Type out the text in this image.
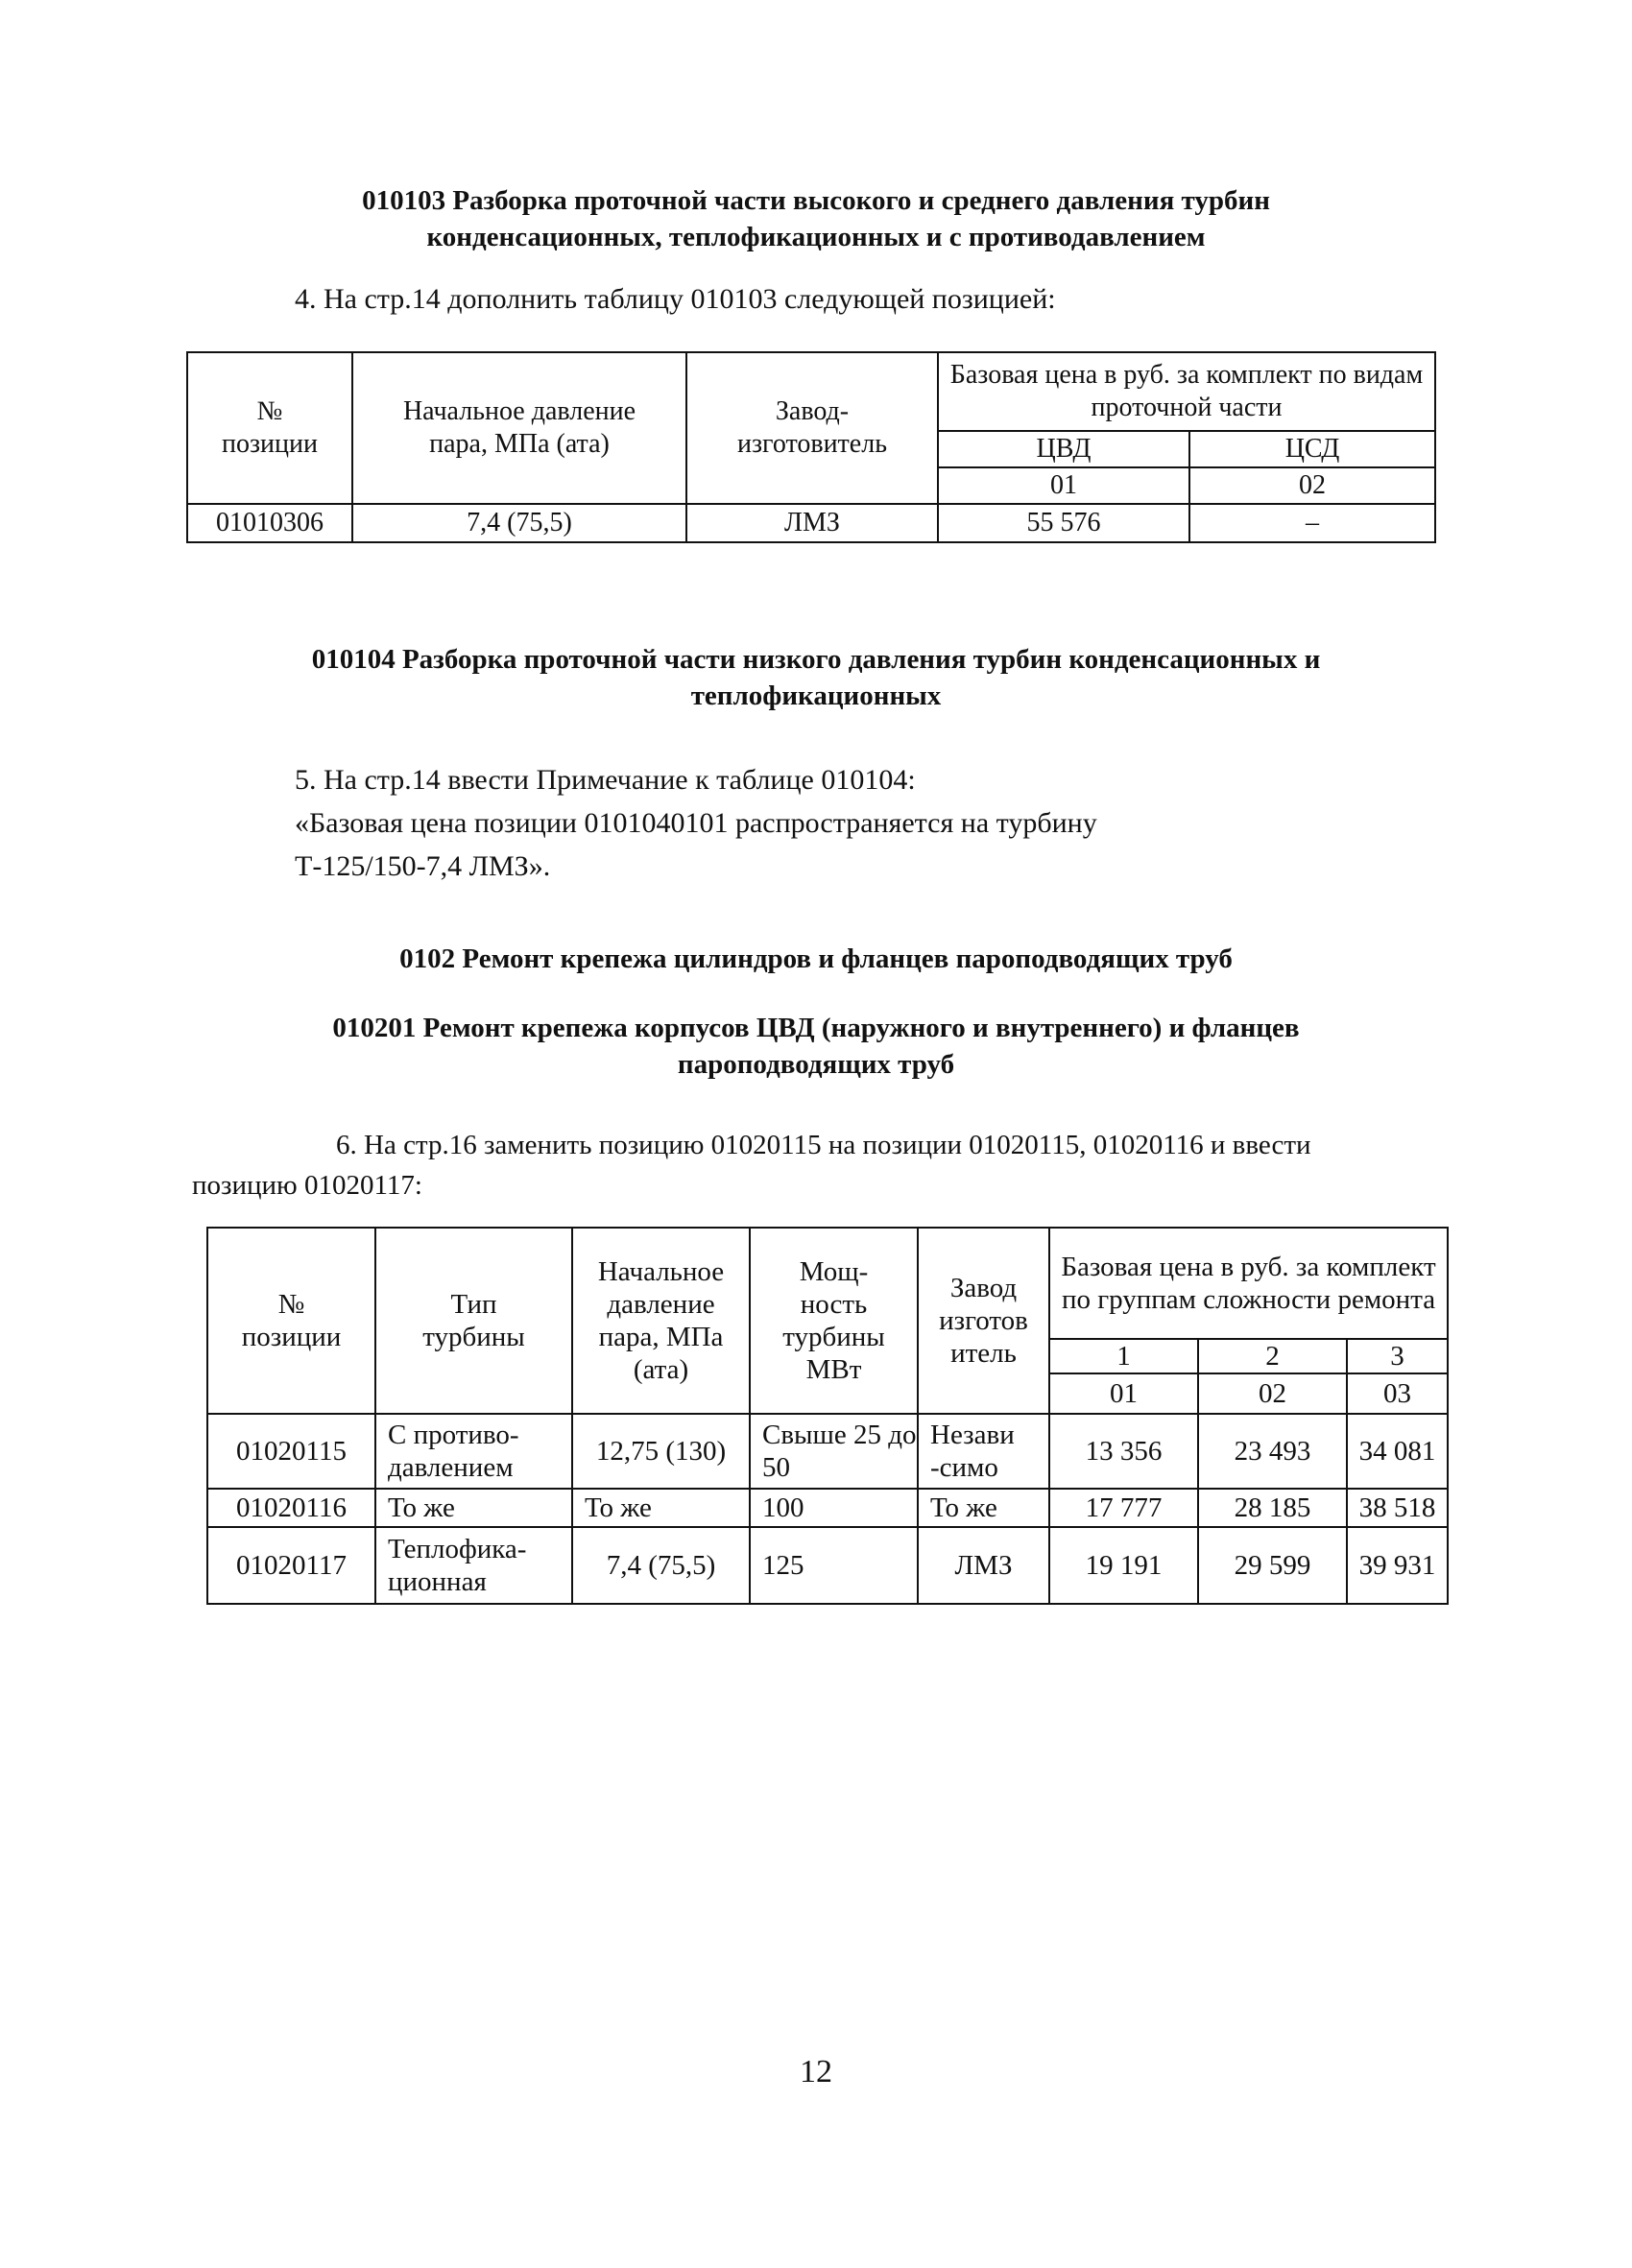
010103 Разборка проточной части высокого и среднего давления турбин
конденсационных, теплофикационных и с противодавлением
4. На стр.14 дополнить таблицу 010103 следующей позицией:
№ позиции	Начальное давление пара, МПа (ата)	Завод- изготовитель	Базовая цена в руб. за комплект по видам проточной части	
			ЦВД	ЦСД
			01	02
01010306	7,4 (75,5)	ЛМЗ	55 576	–
010104 Разборка проточной части низкого давления турбин конденсационных и
теплофикационных
5. На стр.14 ввести Примечание к таблице 010104:
«Базовая цена позиции 0101040101 распространяется на турбину
Т-125/150-7,4 ЛМЗ».
0102 Ремонт крепежа цилиндров и фланцев пароподводящих труб
010201 Ремонт крепежа корпусов ЦВД (наружного и внутреннего) и фланцев
пароподводящих труб
6. На стр.16 заменить позицию 01020115 на позиции 01020115, 01020116 и ввести
позицию 01020117:
№ позиции	Тип турбины	Начальное давление пара, МПа (ата)	Мощ- ность турбины МВт	Завод изготов итель	Базовая цена в руб. за комплект по группам сложности ремонта		
					1	2	3
					01	02	03
01020115	С противо- давлением	12,75 (130)	Свыше 25 до 50	Незави -симо	13 356	23 493	34 081
01020116	То же	То же	100	То же	17 777	28 185	38 518
01020117	Теплофика- ционная	7,4 (75,5)	125	ЛМЗ	19 191	29 599	39 931
12
